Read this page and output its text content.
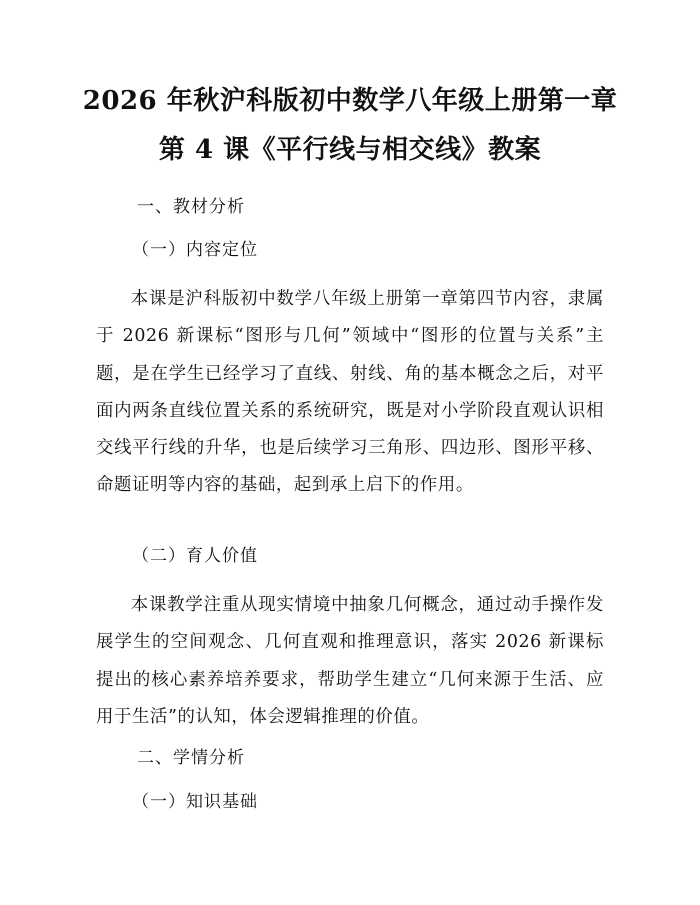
2026 年秋沪科版初中数学八年级上册第一章
第 4 课《平行线与相交线》教案
一、教材分析
（一）内容定位

本课是沪科版初中数学八年级上册第一章第四节内容，隶属于 2026 新课标“图形与几何”领域中“图形的位置与关系”主题，是在学生已经学习了直线、射线、角的基本概念之后，对平面内两条直线位置关系的系统研究，既是对小学阶段直观认识相交线平行线的升华，也是后续学习三角形、四边形、图形平移、命题证明等内容的基础，起到承上启下的作用。

（二）育人价值

本课教学注重从现实情境中抽象几何概念，通过动手操作发展学生的空间观念、几何直观和推理意识，落实 2026 新课标提出的核心素养培养要求，帮助学生建立“几何来源于生活、应用于生活”的认知，体会逻辑推理的价值。

二、学情分析
（一）知识基础
